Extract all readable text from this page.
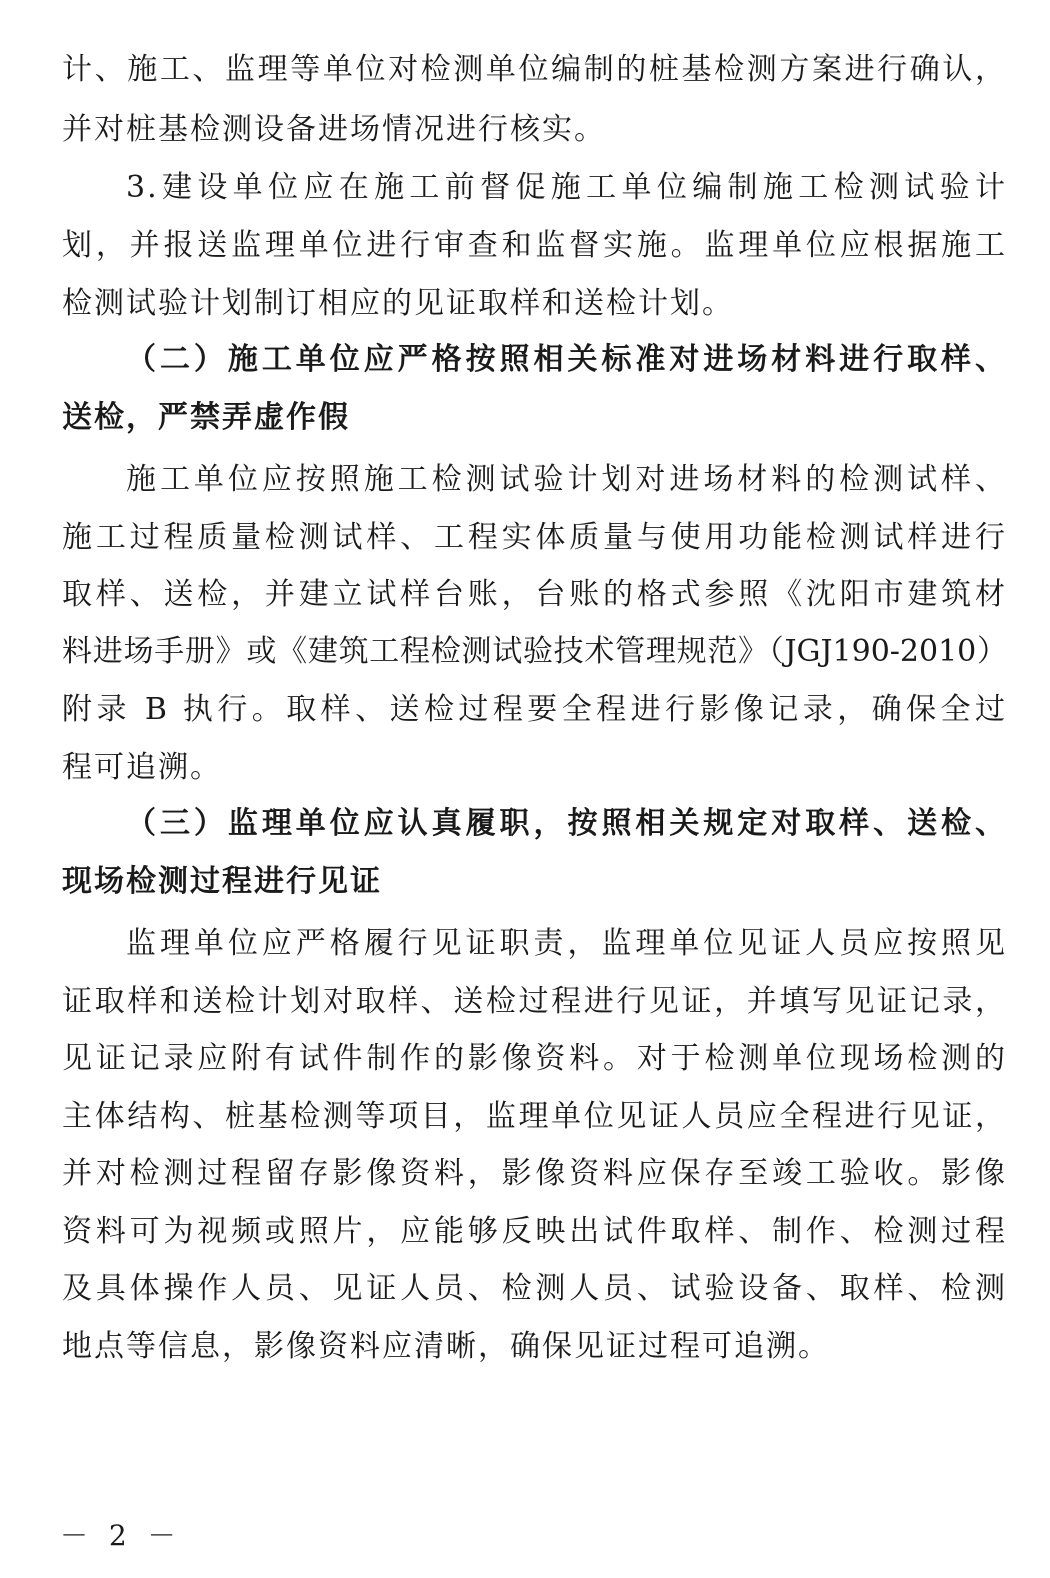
计、施工、监理等单位对检测单位编制的桩基检测方案进行确认，
并对桩基检测设备进场情况进行核实。
3.建设单位应在施工前督促施工单位编制施工检测试验计
划，并报送监理单位进行审查和监督实施。监理单位应根据施工
检测试验计划制订相应的见证取样和送检计划。
（二）施工单位应严格按照相关标准对进场材料进行取样、
送检，严禁弄虚作假
施工单位应按照施工检测试验计划对进场材料的检测试样、
施工过程质量检测试样、工程实体质量与使用功能检测试样进行
取样、送检，并建立试样台账，台账的格式参照《沈阳市建筑材
料进场手册》或《建筑工程检测试验技术管理规范》（JGJ190-2010）
附录 B 执行。取样、送检过程要全程进行影像记录，确保全过
程可追溯。
（三）监理单位应认真履职，按照相关规定对取样、送检、
现场检测过程进行见证
监理单位应严格履行见证职责，监理单位见证人员应按照见
证取样和送检计划对取样、送检过程进行见证，并填写见证记录，
见证记录应附有试件制作的影像资料。对于检测单位现场检测的
主体结构、桩基检测等项目，监理单位见证人员应全程进行见证，
并对检测过程留存影像资料，影像资料应保存至竣工验收。影像
资料可为视频或照片，应能够反映出试件取样、制作、检测过程
及具体操作人员、见证人员、检测人员、试验设备、取样、检测
地点等信息，影像资料应清晰，确保见证过程可追溯。
－ 2 －
